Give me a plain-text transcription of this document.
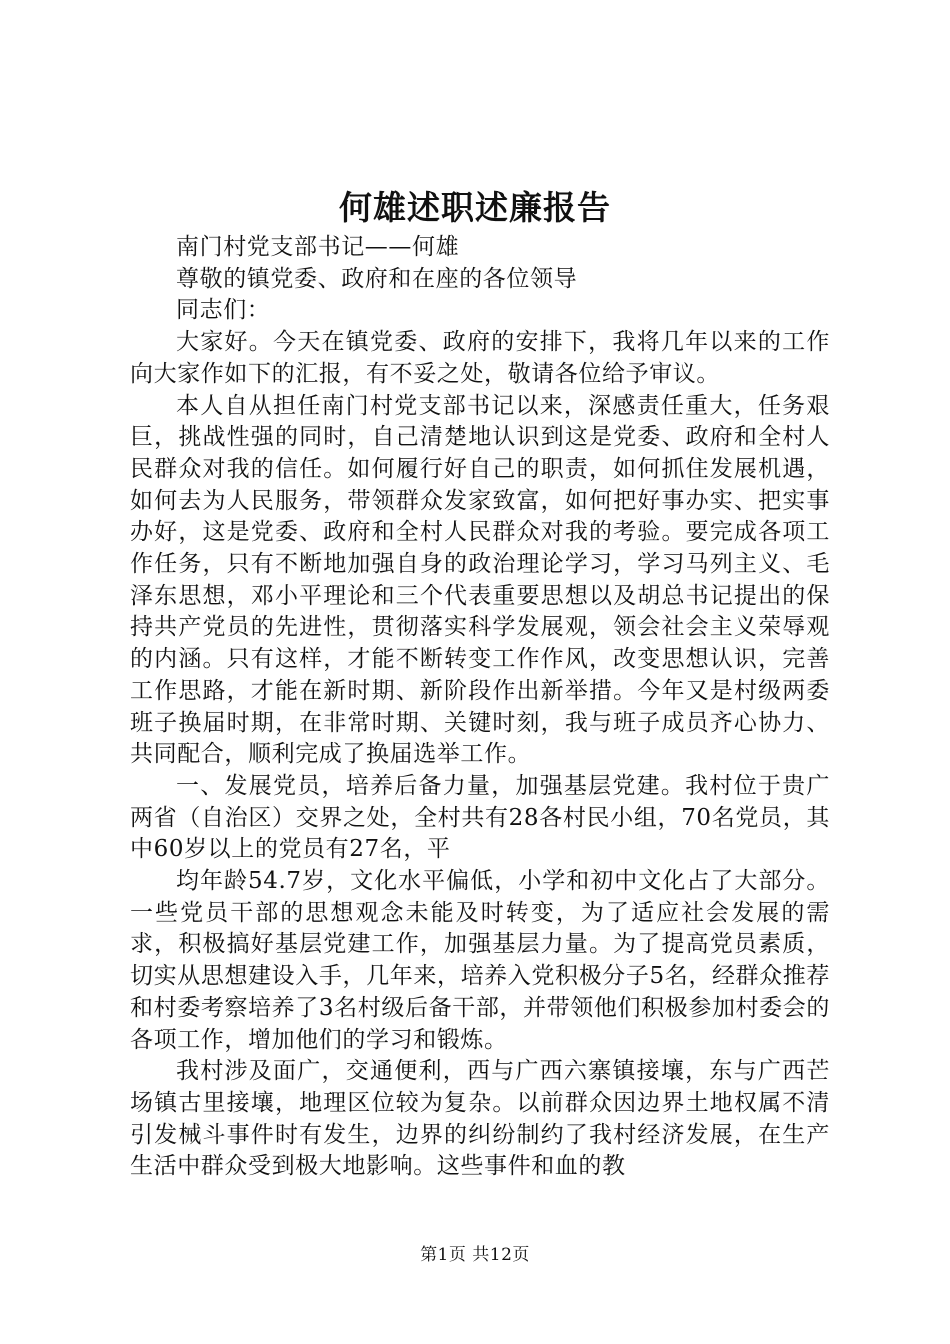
何雄述职述廉报告

南门村党支部书记——何雄

尊敬的镇党委、政府和在座的各位领导

同志们：

大家好。今天在镇党委、政府的安排下，我将几年以来的工作向大家作如下的汇报，有不妥之处，敬请各位给予审议。

本人自从担任南门村党支部书记以来，深感责任重大，任务艰巨，挑战性强的同时，自己清楚地认识到这是党委、政府和全村人民群众对我的信任。如何履行好自己的职责，如何抓住发展机遇，如何去为人民服务，带领群众发家致富，如何把好事办实、把实事办好，这是党委、政府和全村人民群众对我的考验。要完成各项工作任务，只有不断地加强自身的政治理论学习，学习马列主义、毛泽东思想，邓小平理论和三个代表重要思想以及胡总书记提出的保持共产党员的先进性，贯彻落实科学发展观，领会社会主义荣辱观的内涵。只有这样，才能不断转变工作作风，改变思想认识，完善工作思路，才能在新时期、新阶段作出新举措。今年又是村级两委班子换届时期，在非常时期、关键时刻，我与班子成员齐心协力、共同配合，顺利完成了换届选举工作。

一、发展党员，培养后备力量，加强基层党建。我村位于贵广两省（自治区）交界之处，全村共有28各村民小组，70名党员，其中60岁以上的党员有27名，平

均年龄54.7岁，文化水平偏低，小学和初中文化占了大部分。一些党员干部的思想观念未能及时转变，为了适应社会发展的需求，积极搞好基层党建工作，加强基层力量。为了提高党员素质，切实从思想建设入手，几年来，培养入党积极分子5名，经群众推荐和村委考察培养了3名村级后备干部，并带领他们积极参加村委会的各项工作，增加他们的学习和锻炼。

我村涉及面广，交通便利，西与广西六寨镇接壤，东与广西芒场镇古里接壤，地理区位较为复杂。以前群众因边界土地权属不清引发械斗事件时有发生，边界的纠纷制约了我村经济发展，在生产生活中群众受到极大地影响。这些事件和血的教

第1页 共12页
